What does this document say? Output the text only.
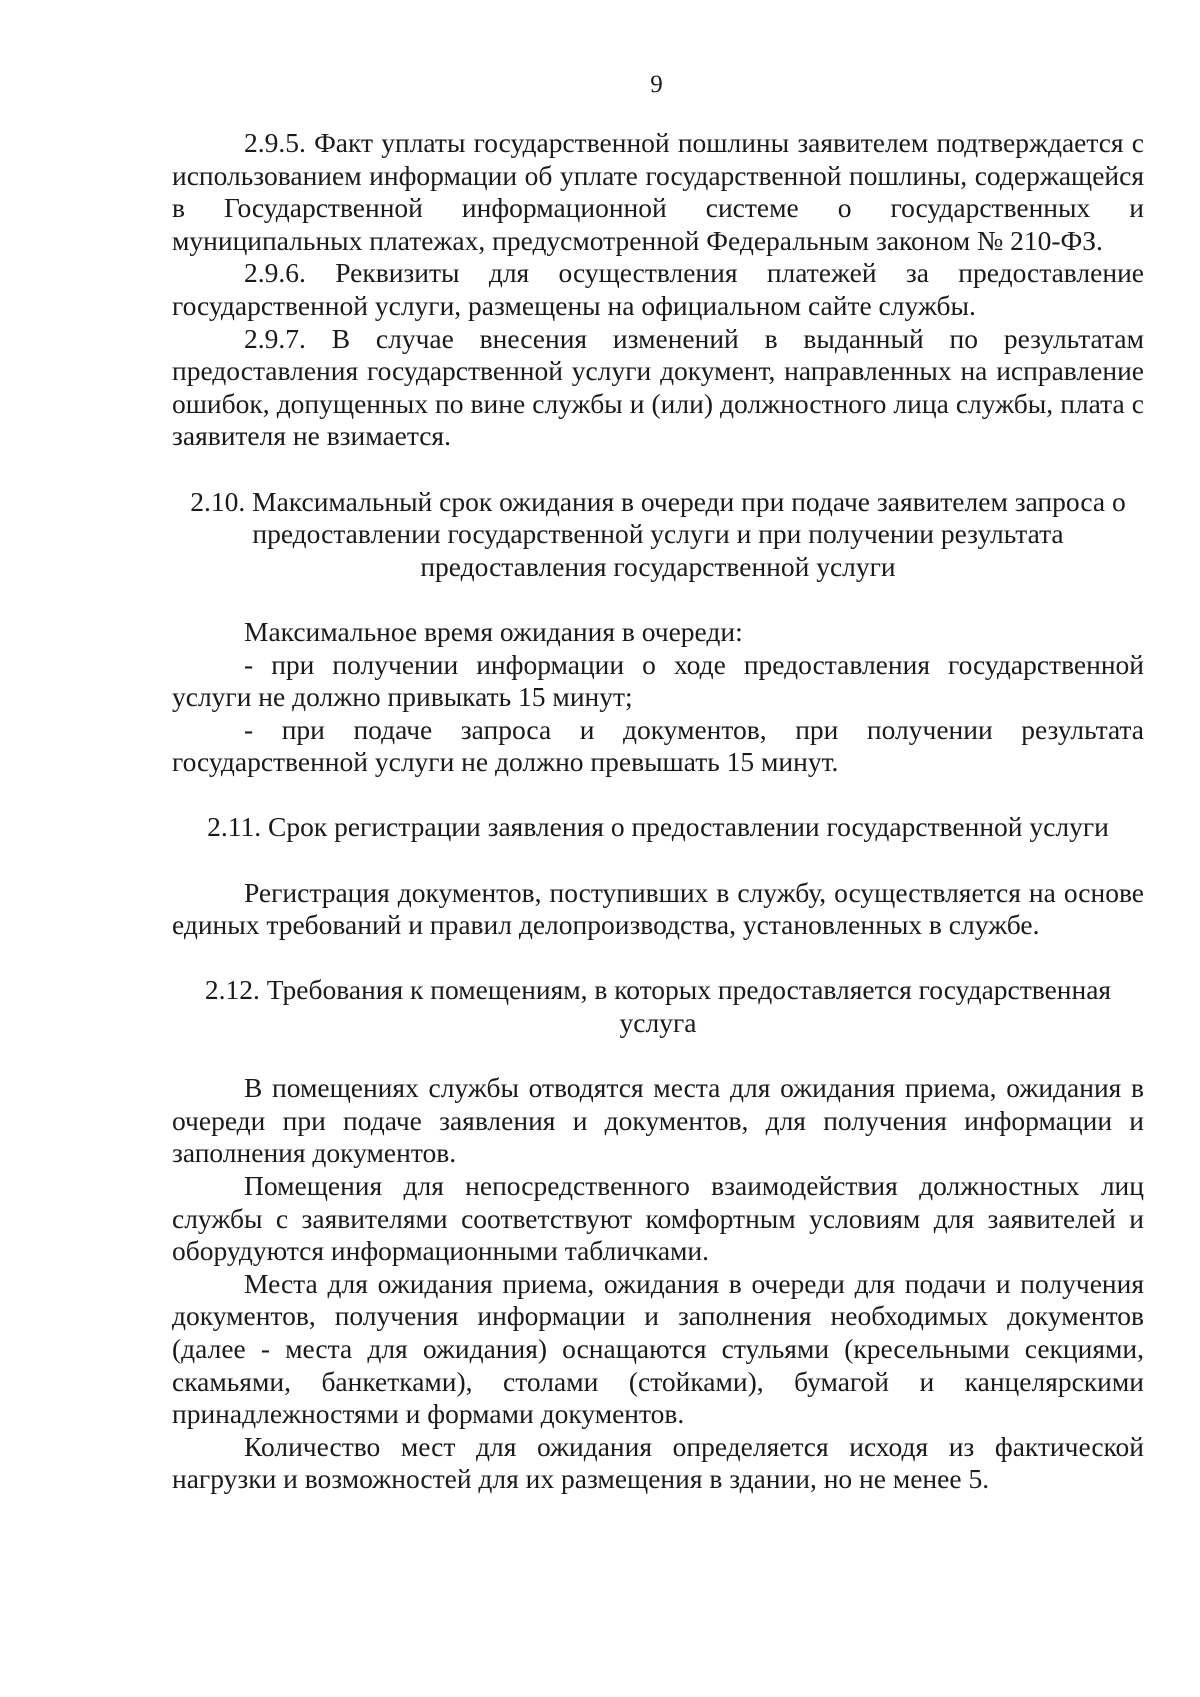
9

2.9.5. Факт уплаты государственной пошлины заявителем подтверждается с использованием информации об уплате государственной пошлины, содержащейся в Государственной информационной системе о государственных и муниципальных платежах, предусмотренной Федеральным законом № 210-ФЗ.

2.9.6. Реквизиты для осуществления платежей за предоставление государственной услуги, размещены на официальном сайте службы.

2.9.7. В случае внесения изменений в выданный по результатам предоставления государственной услуги документ, направленных на исправление ошибок, допущенных по вине службы и (или) должностного лица службы, плата с заявителя не взимается.

2.10. Максимальный срок ожидания в очереди при подаче заявителем запроса о предоставлении государственной услуги и при получении результата предоставления государственной услуги

Максимальное время ожидания в очереди:

- при получении информации о ходе предоставления государственной услуги не должно привыкать 15 минут;

- при подаче запроса и документов, при получении результата государственной услуги не должно превышать 15 минут.

2.11. Срок регистрации заявления о предоставлении государственной услуги

Регистрация документов, поступивших в службу, осуществляется на основе единых требований и правил делопроизводства, установленных в службе.

2.12. Требования к помещениям, в которых предоставляется государственная услуга

В помещениях службы отводятся места для ожидания приема, ожидания в очереди при подаче заявления и документов, для получения информации и заполнения документов.

Помещения для непосредственного взаимодействия должностных лиц службы с заявителями соответствуют комфортным условиям для заявителей и оборудуются информационными табличками.

Места для ожидания приема, ожидания в очереди для подачи и получения документов, получения информации и заполнения необходимых документов (далее - места для ожидания) оснащаются стульями (кресельными секциями, скамьями, банкетками), столами (стойками), бумагой и канцелярскими принадлежностями и формами документов.

Количество мест для ожидания определяется исходя из фактической нагрузки и возможностей для их размещения в здании, но не менее 5.
